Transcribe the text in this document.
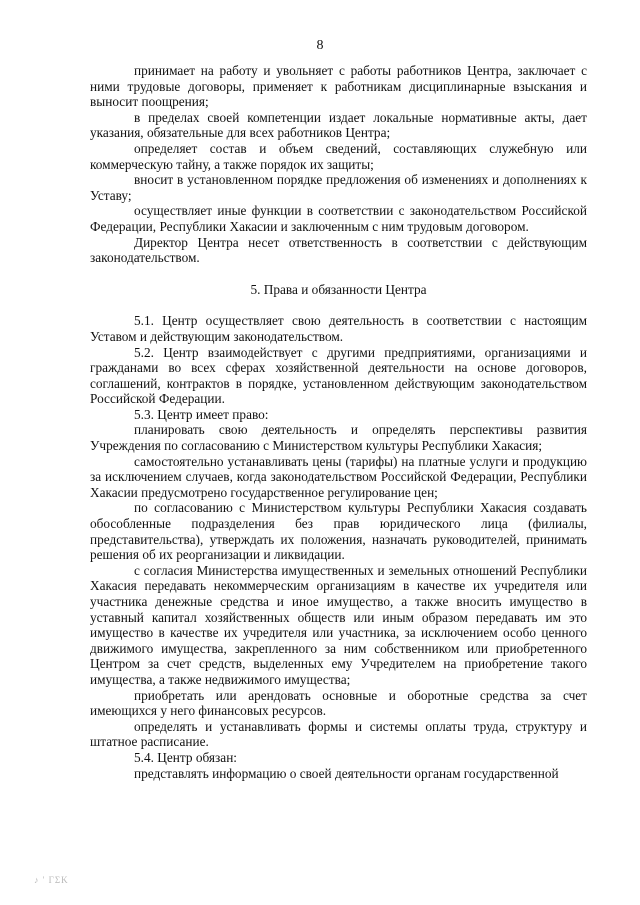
8

принимает на работу и увольняет с работы работников Центра, заключает с ними трудовые договоры, применяет к работникам дисциплинарные взыскания и выносит поощрения;

в пределах своей компетенции издает локальные нормативные акты, дает указания, обязательные для всех работников Центра;

определяет состав и объем сведений, составляющих служебную или коммерческую тайну, а также порядок их защиты;

вносит в установленном порядке предложения об изменениях и дополнениях к Уставу;

осуществляет иные функции в соответствии с законодательством Российской Федерации, Республики Хакасии и заключенным с ним трудовым договором.

Директор Центра несет ответственность в соответствии с действующим законодательством.

5. Права и обязанности Центра

5.1. Центр осуществляет свою деятельность в соответствии с настоящим Уставом и действующим законодательством.

5.2. Центр взаимодействует с другими предприятиями, организациями и гражданами во всех сферах хозяйственной деятельности на основе договоров, соглашений, контрактов в порядке, установленном действующим законодательством Российской Федерации.

5.3. Центр имеет право:

планировать свою деятельность и определять перспективы развития Учреждения по согласованию с Министерством культуры Республики Хакасия;

самостоятельно устанавливать цены (тарифы) на платные услуги и продукцию за исключением случаев, когда законодательством Российской Федерации, Республики Хакасии предусмотрено государственное регулирование цен;

по согласованию с Министерством культуры Республики Хакасия создавать обособленные подразделения без прав юридического лица (филиалы, представительства), утверждать их положения, назначать руководителей, принимать решения об их реорганизации и ликвидации.

с согласия Министерства имущественных и земельных отношений Республики Хакасия передавать некоммерческим организациям в качестве их учредителя или участника денежные средства и иное имущество, а также вносить имущество в уставный капитал хозяйственных обществ или иным образом передавать им это имущество в качестве их учредителя или участника, за исключением особо ценного движимого имущества, закрепленного за ним собственником или приобретенного Центром за счет средств, выделенных ему Учредителем на приобретение такого имущества, а также недвижимого имущества;

приобретать или арендовать основные и оборотные средства за счет имеющихся у него финансовых ресурсов.

определять и устанавливать формы и системы оплаты труда, структуру и штатное расписание.

5.4. Центр обязан:

представлять информацию о своей деятельности органам государственной

♪ ' ΓΣΚ
